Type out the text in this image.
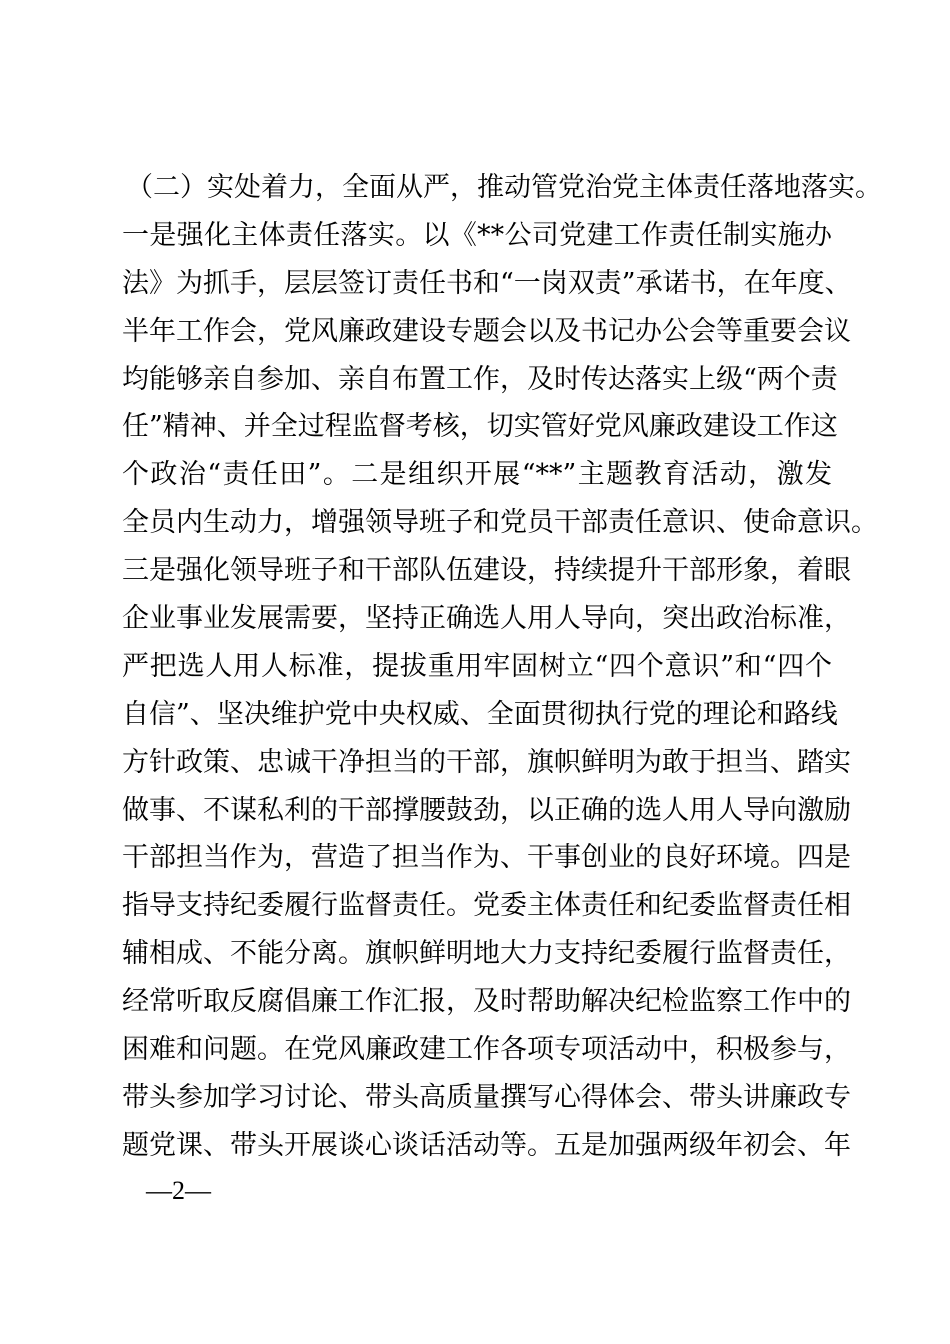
（二）实处着力，全面从严，推动管党治党主体责任落地落实。
一是强化主体责任落实。以《**公司党建工作责任制实施办
法》为抓手，层层签订责任书和“一岗双责”承诺书，在年度、
半年工作会，党风廉政建设专题会以及书记办公会等重要会议
均能够亲自参加、亲自布置工作，及时传达落实上级“两个责
任”精神、并全过程监督考核，切实管好党风廉政建设工作这
个政治“责任田”。二是组织开展“**”主题教育活动，激发
全员内生动力，增强领导班子和党员干部责任意识、使命意识。
三是强化领导班子和干部队伍建设，持续提升干部形象，着眼
企业事业发展需要，坚持正确选人用人导向，突出政治标准，
严把选人用人标准，提拔重用牢固树立“四个意识”和“四个
自信”、坚决维护党中央权威、全面贯彻执行党的理论和路线
方针政策、忠诚干净担当的干部，旗帜鲜明为敢于担当、踏实
做事、不谋私利的干部撑腰鼓劲，以正确的选人用人导向激励
干部担当作为，营造了担当作为、干事创业的良好环境。四是
指导支持纪委履行监督责任。党委主体责任和纪委监督责任相
辅相成、不能分离。旗帜鲜明地大力支持纪委履行监督责任，
经常听取反腐倡廉工作汇报，及时帮助解决纪检监察工作中的
困难和问题。在党风廉政建工作各项专项活动中，积极参与，
带头参加学习讨论、带头高质量撰写心得体会、带头讲廉政专
题党课、带头开展谈心谈话活动等。五是加强两级年初会、年
—2—
